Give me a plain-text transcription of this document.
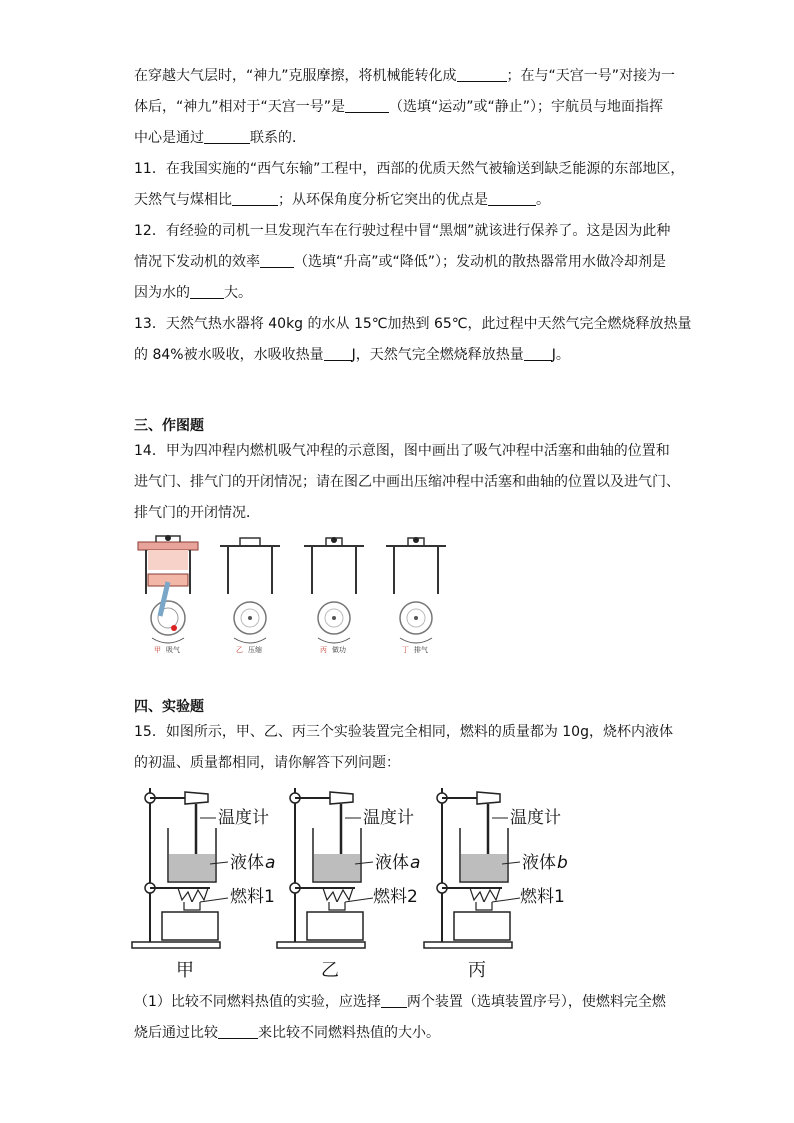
在穿越大气层时，“神九”克服摩擦，将机械能转化成	；在与“天宫一号”对接为一
体后，“神九”相对于“天宫一号”是	（选填“运动”或“静止”）；宇航员与地面指挥
中心是通过	联系的．
11．在我国实施的“西气东输”工程中，西部的优质天然气被输送到缺乏能源的东部地区，
天然气与煤相比	；从环保角度分析它突出的优点是	。
12．有经验的司机一旦发现汽车在行驶过程中冒“黑烟”就该进行保养了。这是因为此种
情况下发动机的效率 （选填“升高”或“降低”）；发动机的散热器常用水做冷却剂是
因为水的 大。
13．天然气热水器将 40kg 的水从 15℃加热到 65℃，此过程中天然气完全燃烧释放热量
的 84%被水吸收，水吸收热量 J，天然气完全燃烧释放热量 J。
三、作图题
14．甲为四冲程内燃机吸气冲程的示意图，图中画出了吸气冲程中活塞和曲轴的位置和
进气门、排气门的开闭情况；请在图乙中画出压缩冲程中活塞和曲轴的位置以及进气门、
排气门的开闭情况．
甲 吸气	乙 压缩	丙 做功	丁 排气
四、实验题
15．如图所示，甲、乙、丙三个实验装置完全相同，燃料的质量都为 10g，烧杯内液体
的初温、质量都相同，请你解答下列问题：
温度计
液体 a
燃料1
甲
温度计
液体 a
燃料2
乙
温度计
液体 b
燃料1
丙
（1）比较不同燃料热值的实验，应选择 两个装置（选填装置序号），使燃料完全燃
烧后通过比较	来比较不同燃料热值的大小。
